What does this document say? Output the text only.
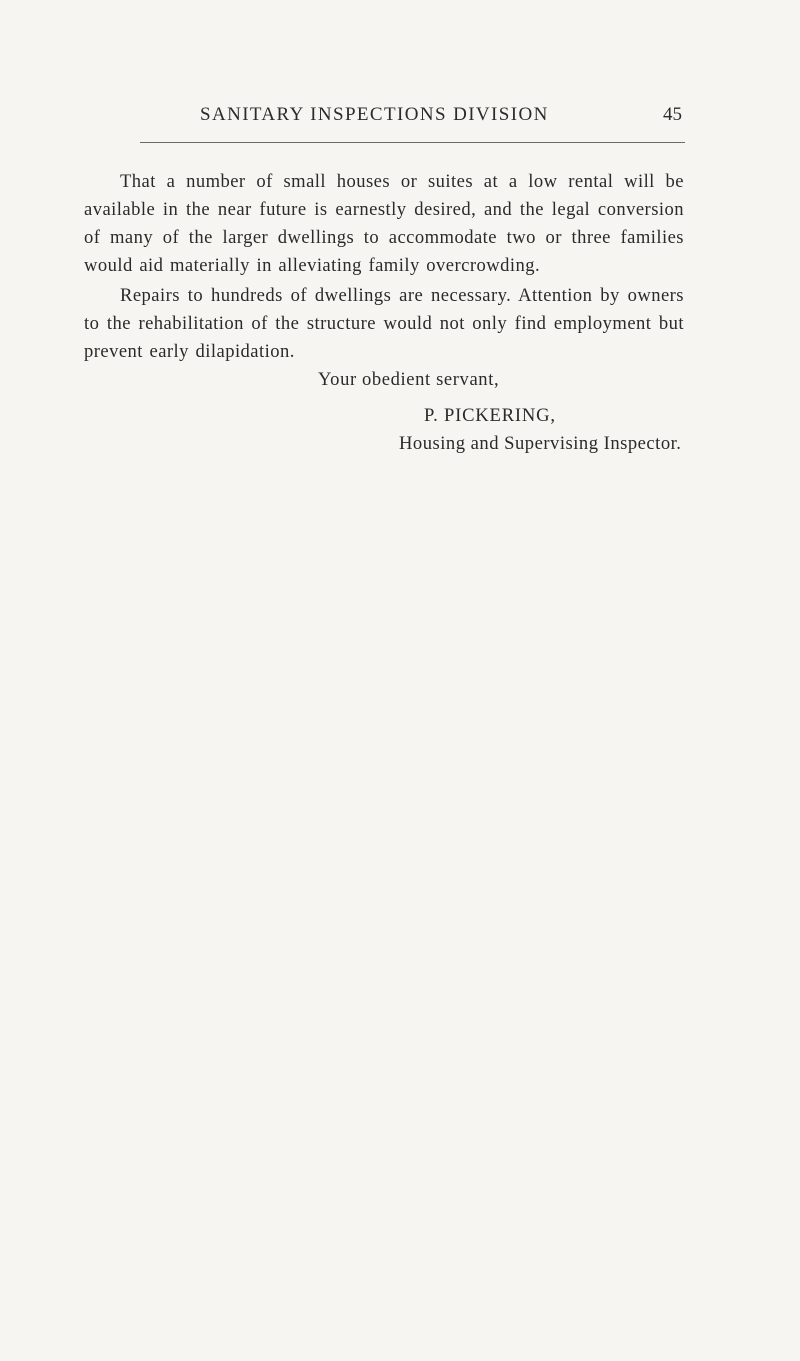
SANITARY INSPECTIONS DIVISION	45

That a number of small houses or suites at a low rental will be available in the near future is earnestly desired, and the legal conversion of many of the larger dwellings to accommodate two or three families would aid materially in alleviating family overcrowding.

Repairs to hundreds of dwellings are necessary. Attention by owners to the rehabilitation of the structure would not only find employment but prevent early dilapidation.

Your obedient servant,
P. PICKERING,
Housing and Supervising Inspector.
